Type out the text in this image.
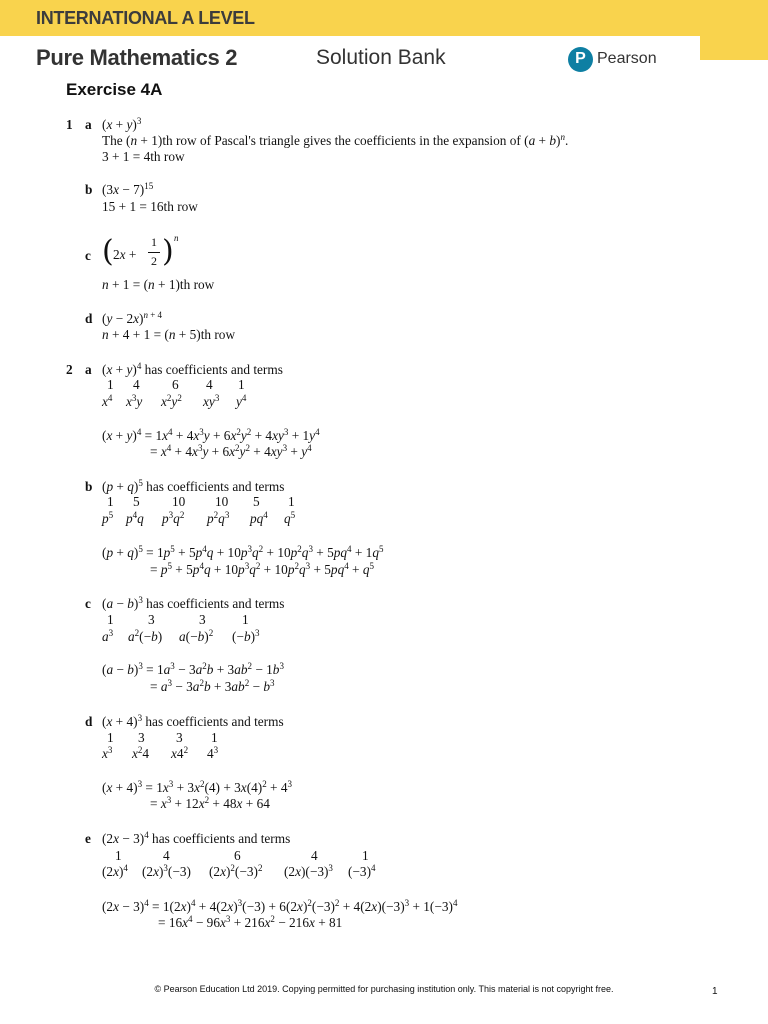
INTERNATIONAL A LEVEL
Pure Mathematics 2	Solution Bank	P Pearson
Exercise 4A
1 a $(x + y)^3$
The (n + 1)th row of Pascal's triangle gives the coefficients in the expansion of $(a + b)^n$.
3 + 1 = 4th row
b $(3x - 7)^{15}$
15 + 1 = 16th row
c ( 2x +
1
2 ) n
n + 1 = (n + 1)th row
d $(y - 2x)^{n + 4}$
n + 4 + 1 = (n + 5)th row
2 a $(x + y)^4$ has coefficients and terms
1 4 6 4 1
$x^4$ $x^3y$ $x^2y^2$ $xy^3$ $y^4$
$(x + y)^4 = 1x^4 + 4x^3y + 6x^2y^2 + 4xy^3 + 1y^4$
= $x^4 + 4x^3y + 6x^2y^2 + 4xy^3 + y^4$
b $(p + q)^5$ has coefficients and terms
1 5 10 10 5 1
$p^5$ $p^4q$ $p^3q^2$ $p^2q^3$ $pq^4$ $q^5$
$(p + q)^5 = 1p^5 + 5p^4q + 10p^3q^2 + 10p^2q^3 + 5pq^4 + 1q^5$
= $p^5 + 5p^4q + 10p^3q^2 + 10p^2q^3 + 5pq^4 + q^5$
c $(a - b)^3$ has coefficients and terms
1	3	3	1
$a^3$ $a^2(-b)$ $a(-b)^2$ $(-b)^3$
$(a - b)^3 = 1a^3 - 3a^2b + 3ab^2 - 1b^3$
= $a^3 - 3a^2b + 3ab^2 - b^3$
d $(x + 4)^3$ has coefficients and terms
1 3 3 1
$x^3$ $x^24$ $x4^2$ $4^3$
$(x + 4)^3 = 1x^3 + 3x^2(4) + 3x(4)^2 + 4^3$
= $x^3 + 12x^2 + 48x + 64$
e $(2x - 3)^4$ has coefficients and terms
1	4	6	4	1
$(2x)^4$ $(2x)^3(-3)$ $(2x)^2(-3)^2$ $(2x)(-3)^3$ $(-3)^4$
$(2x - 3)^4 = 1(2x)^4 + 4(2x)^3(-3) + 6(2x)^2(-3)^2 + 4(2x)(-3)^3 + 1(-3)^4$
= $16x^4 - 96x^3 + 216x^2 - 216x + 81$
© Pearson Education Ltd 2019. Copying permitted for purchasing institution only. This material is not copyright free.	1
